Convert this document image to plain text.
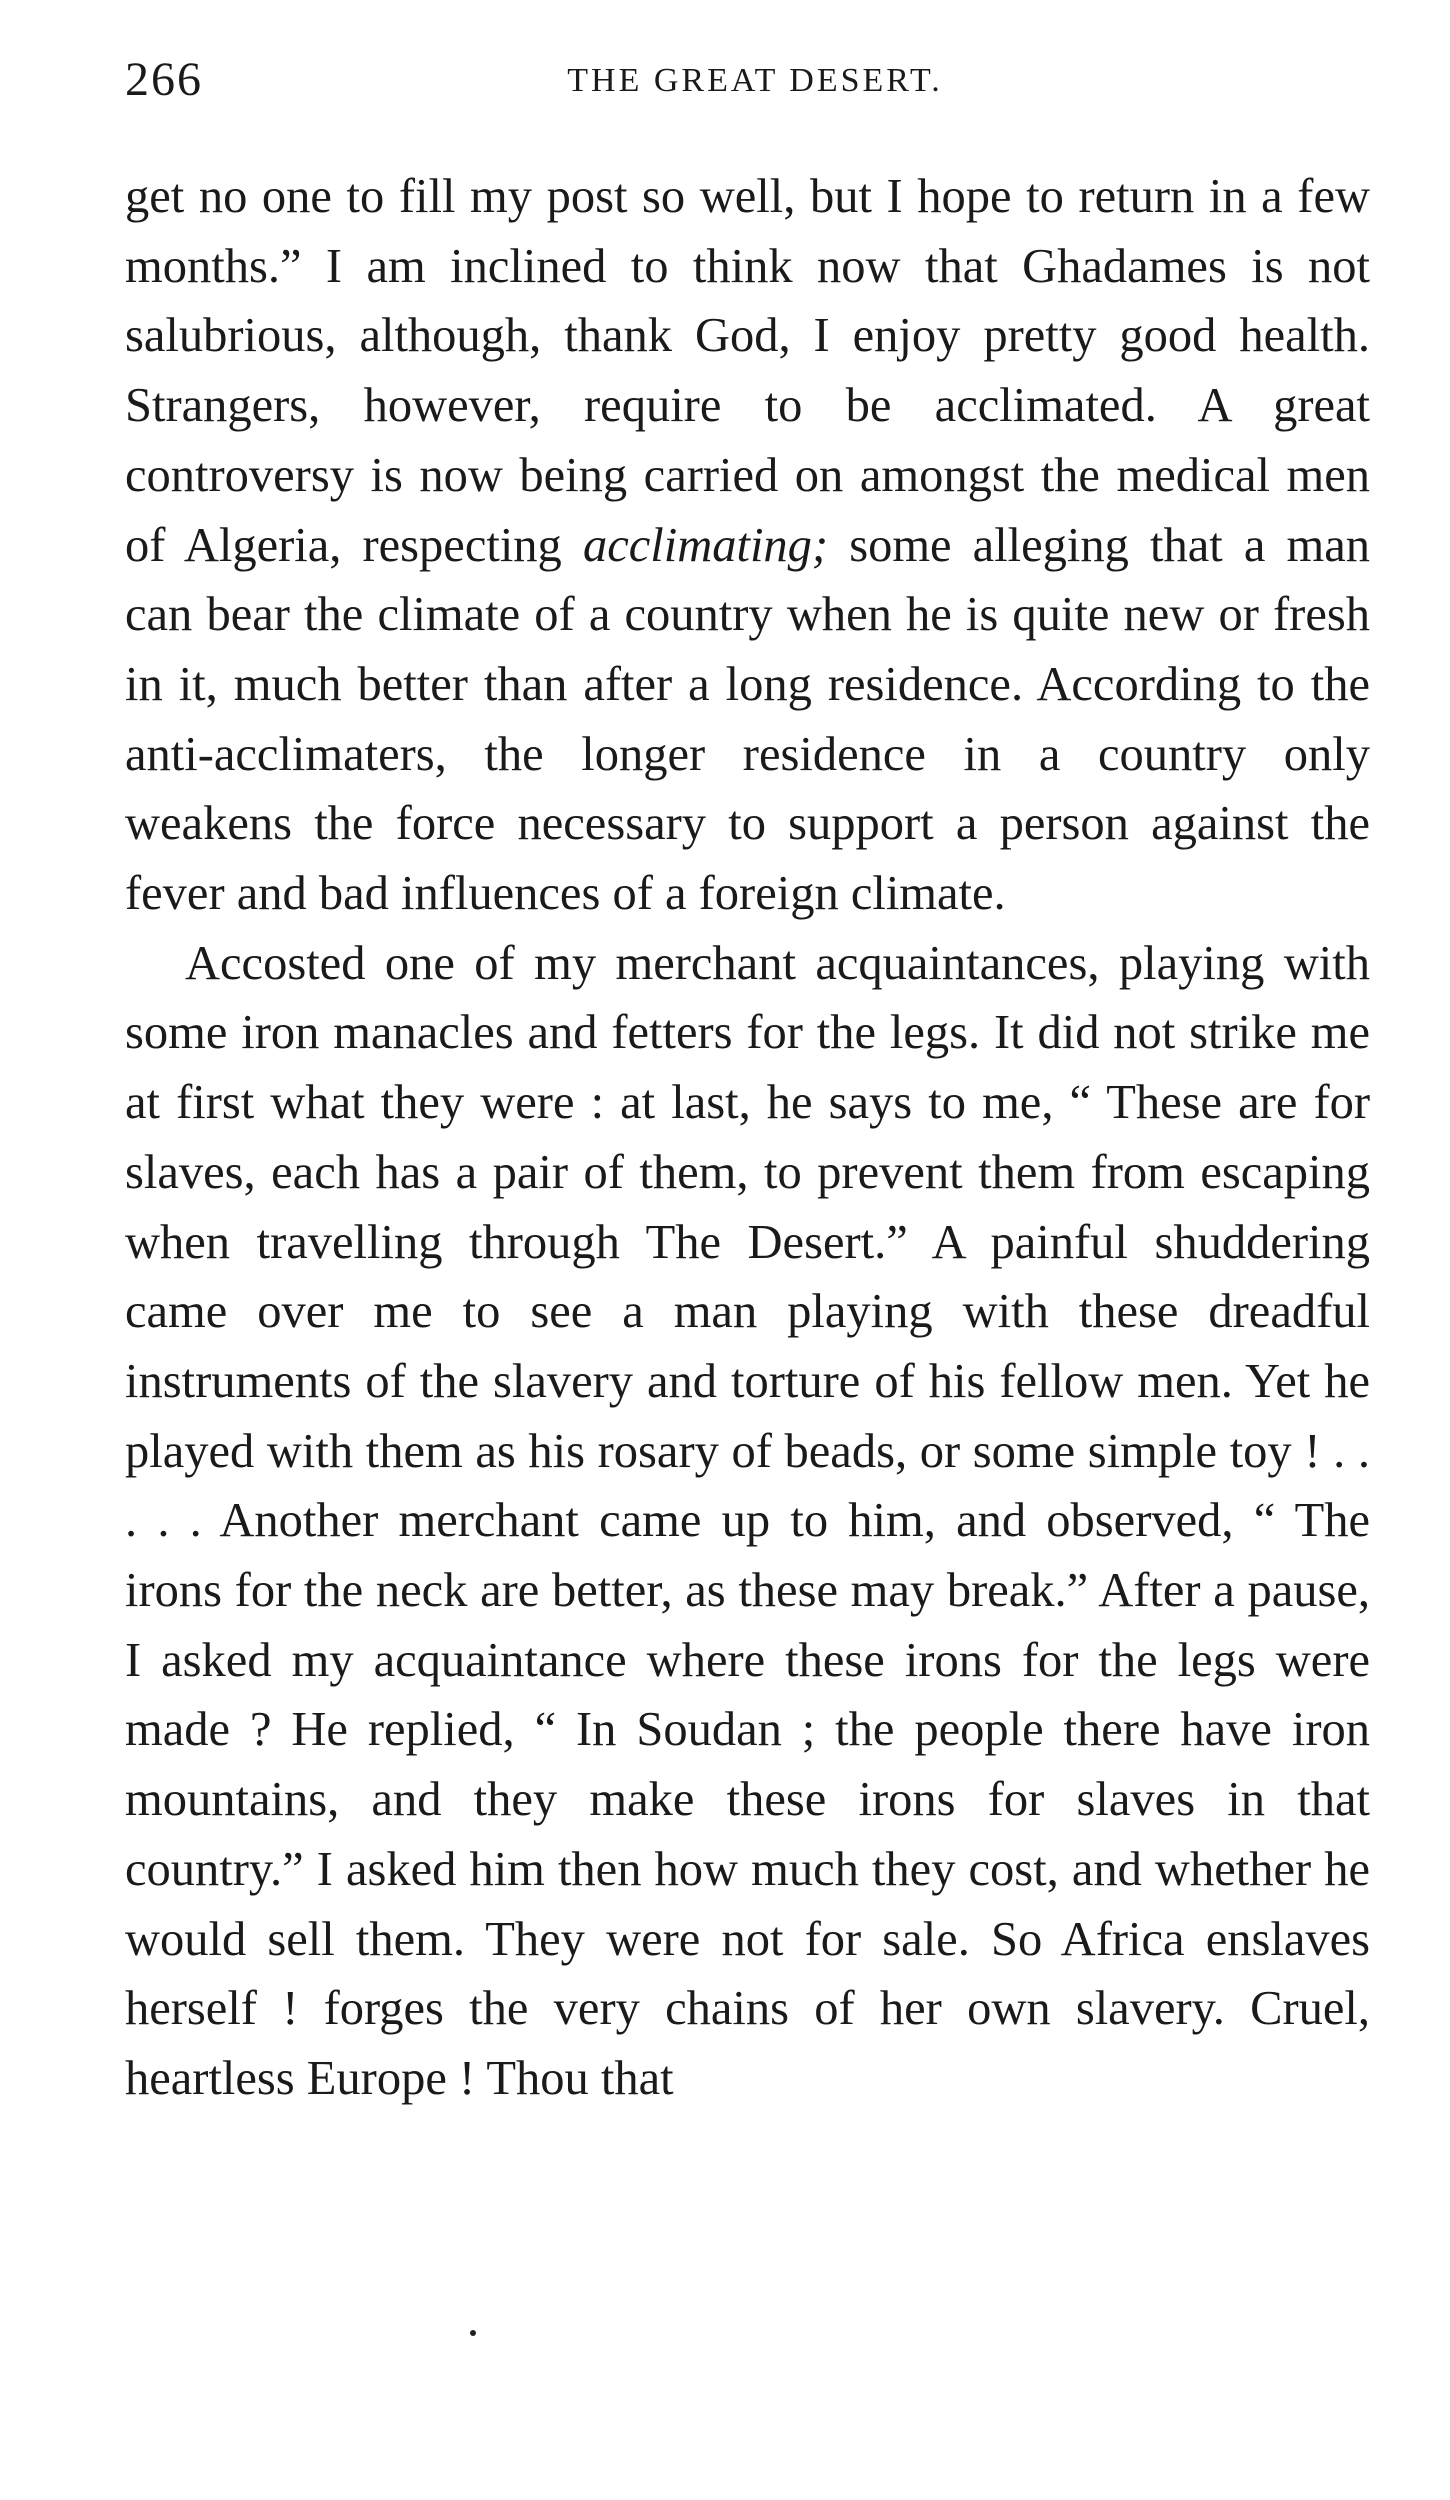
266	THE GREAT DESERT.

get no one to fill my post so well, but I hope to return in a few months.” I am inclined to think now that Ghadames is not salubrious, although, thank God, I enjoy pretty good health. Strangers, however, require to be acclimated. A great controversy is now being carried on amongst the medical men of Algeria, respecting acclimating; some alleging that a man can bear the climate of a country when he is quite new or fresh in it, much better than after a long residence. According to the anti-acclimaters, the longer residence in a country only weakens the force necessary to support a person against the fever and bad influences of a foreign climate.

Accosted one of my merchant acquaintances, playing with some iron manacles and fetters for the legs. It did not strike me at first what they were : at last, he says to me, “ These are for slaves, each has a pair of them, to prevent them from escaping when travelling through The Desert.” A painful shuddering came over me to see a man playing with these dreadful instruments of the slavery and torture of his fellow men. Yet he played with them as his rosary of beads, or some simple toy ! . . . . . Another merchant came up to him, and observed, “ The irons for the neck are better, as these may break.” After a pause, I asked my acquaintance where these irons for the legs were made ? He replied, “ In Soudan ; the people there have iron mountains, and they make these irons for slaves in that country.” I asked him then how much they cost, and whether he would sell them. They were not for sale. So Africa enslaves herself ! forges the very chains of her own slavery. Cruel, heartless Europe ! Thou that
